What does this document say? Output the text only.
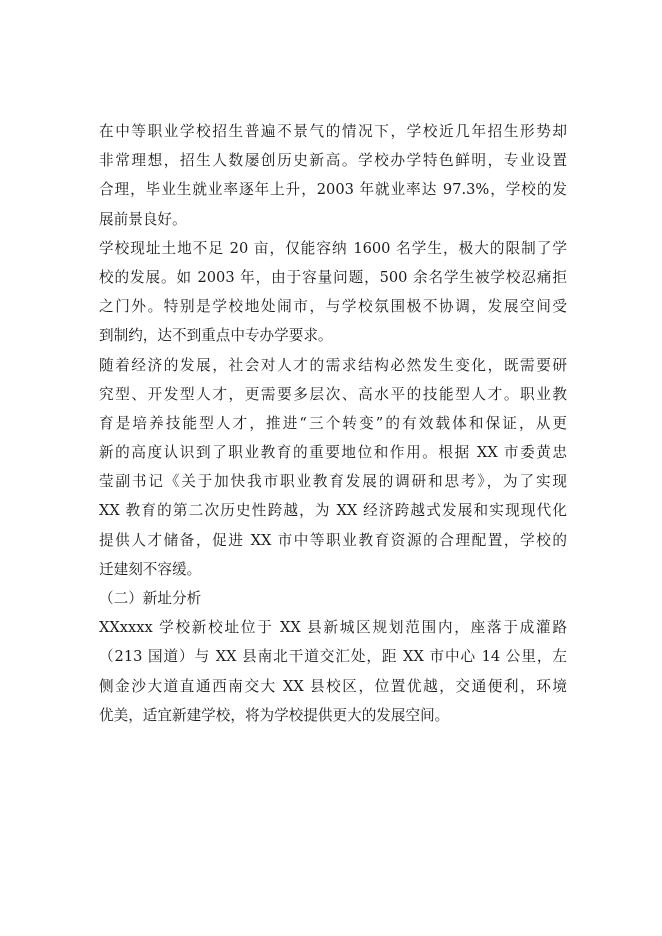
在中等职业学校招生普遍不景气的情况下，学校近几年招生形势却
非常理想，招生人数屡创历史新高。学校办学特色鲜明，专业设置
合理，毕业生就业率逐年上升，2003 年就业率达 97.3%，学校的发
展前景良好。
学校现址土地不足 20 亩，仅能容纳 1600 名学生，极大的限制了学
校的发展。如 2003 年，由于容量问题，500 余名学生被学校忍痛拒
之门外。特别是学校地处闹市，与学校氛围极不协调，发展空间受
到制约，达不到重点中专办学要求。
随着经济的发展，社会对人才的需求结构必然发生变化，既需要研
究型、开发型人才，更需要多层次、高水平的技能型人才。职业教
育是培养技能型人才，推进“三个转变”的有效载体和保证，从更
新的高度认识到了职业教育的重要地位和作用。根据 XX 市委黄忠
莹副书记《关于加快我市职业教育发展的调研和思考》，为了实现
XX 教育的第二次历史性跨越，为 XX 经济跨越式发展和实现现代化
提供人才储备，促进 XX 市中等职业教育资源的合理配置，学校的
迁建刻不容缓。
（二）新址分析
XXxxxx 学校新校址位于 XX 县新城区规划范围内，座落于成灌路
（213 国道）与 XX 县南北干道交汇处，距 XX 市中心 14 公里，左
侧金沙大道直通西南交大 XX 县校区，位置优越，交通便利，环境
优美，适宜新建学校，将为学校提供更大的发展空间。
